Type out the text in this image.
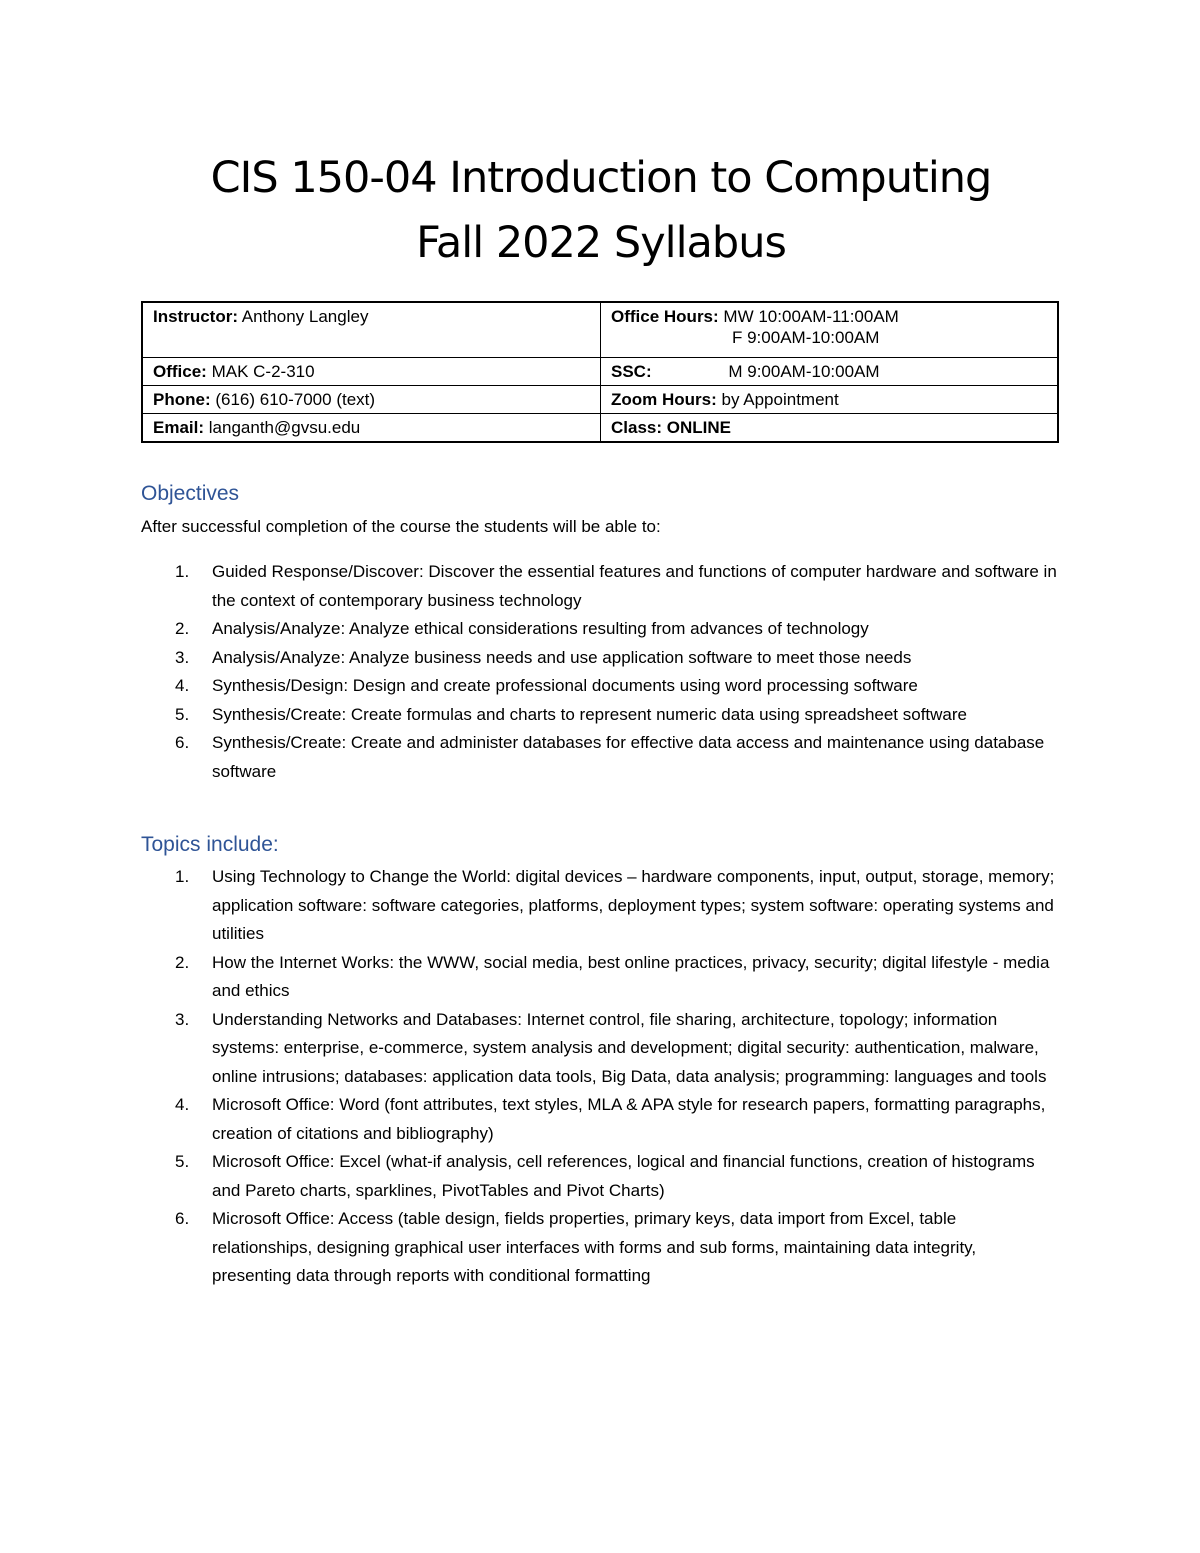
CIS 150-04 Introduction to Computing
Fall 2022 Syllabus
Instructor: Anthony Langley	Office Hours: MW 10:00AM-11:00AM
F 9:00AM-10:00AM

Office: MAK C-2-310	SSC: M 9:00AM-10:00AM
Phone: (616) 610-7000 (text)	Zoom Hours: by Appointment
Email: langanth@gvsu.edu	Class: ONLINE
Objectives
After successful completion of the course the students will be able to:
1. Guided Response/Discover: Discover the essential features and functions of computer hardware and software in the context of contemporary business technology
2. Analysis/Analyze: Analyze ethical considerations resulting from advances of technology
3. Analysis/Analyze: Analyze business needs and use application software to meet those needs
4. Synthesis/Design: Design and create professional documents using word processing software
5. Synthesis/Create: Create formulas and charts to represent numeric data using spreadsheet software
6. Synthesis/Create: Create and administer databases for effective data access and maintenance using database software
Topics include:
1. Using Technology to Change the World: digital devices – hardware components, input, output, storage, memory; application software: software categories, platforms, deployment types; system software: operating systems and utilities
2. How the Internet Works: the WWW, social media, best online practices, privacy, security; digital lifestyle - media and ethics
3. Understanding Networks and Databases: Internet control, file sharing, architecture, topology; information systems: enterprise, e-commerce, system analysis and development; digital security: authentication, malware, online intrusions; databases: application data tools, Big Data, data analysis; programming: languages and tools
4. Microsoft Office: Word (font attributes, text styles, MLA & APA style for research papers, formatting paragraphs, creation of citations and bibliography)
5. Microsoft Office: Excel (what-if analysis, cell references, logical and financial functions, creation of histograms and Pareto charts, sparklines, PivotTables and Pivot Charts)
6. Microsoft Office: Access (table design, fields properties, primary keys, data import from Excel, table relationships, designing graphical user interfaces with forms and sub forms, maintaining data integrity, presenting data through reports with conditional formatting
